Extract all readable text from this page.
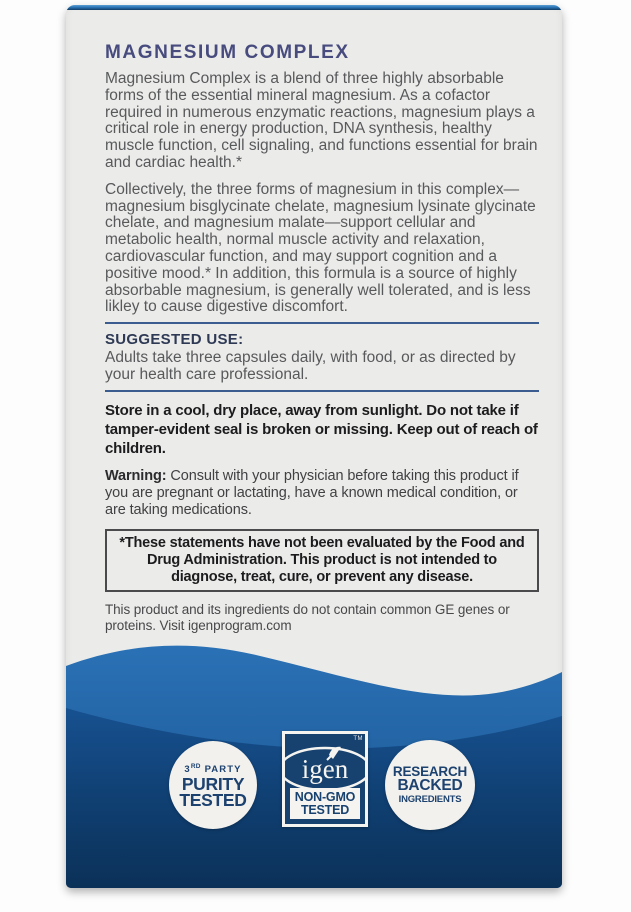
MAGNESIUM COMPLEX

Magnesium Complex is a blend of three highly absorbable forms of the essential mineral magnesium. As a cofactor required in numerous enzymatic reactions, magnesium plays a critical role in energy production, DNA synthesis, healthy muscle function, cell signaling, and functions essential for brain and cardiac health.*

Collectively, the three forms of magnesium in this complex—magnesium bisglycinate chelate, magnesium lysinate glycinate chelate, and magnesium malate—support cellular and metabolic health, normal muscle activity and relaxation, cardiovascular function, and may support cognition and a positive mood.* In addition, this formula is a source of highly absorbable magnesium, is generally well tolerated, and is less likley to cause digestive discomfort.

SUGGESTED USE:

Adults take three capsules daily, with food, or as directed by your health care professional.

Store in a cool, dry place, away from sunlight. Do not take if tamper-evident seal is broken or missing. Keep out of reach of children.

Warning: Consult with your physician before taking this product if you are pregnant or lactating, have a known medical condition, or are taking medications.

*These statements have not been evaluated by the Food and Drug Administration. This product is not intended to diagnose, treat, cure, or prevent any disease.

This product and its ingredients do not contain common GE genes or proteins. Visit igenprogram.com

3RD PARTY
PURITY
TESTED
TM
igen
NON-GMO
TESTED
RESEARCH
BACKED
INGREDIENTS
